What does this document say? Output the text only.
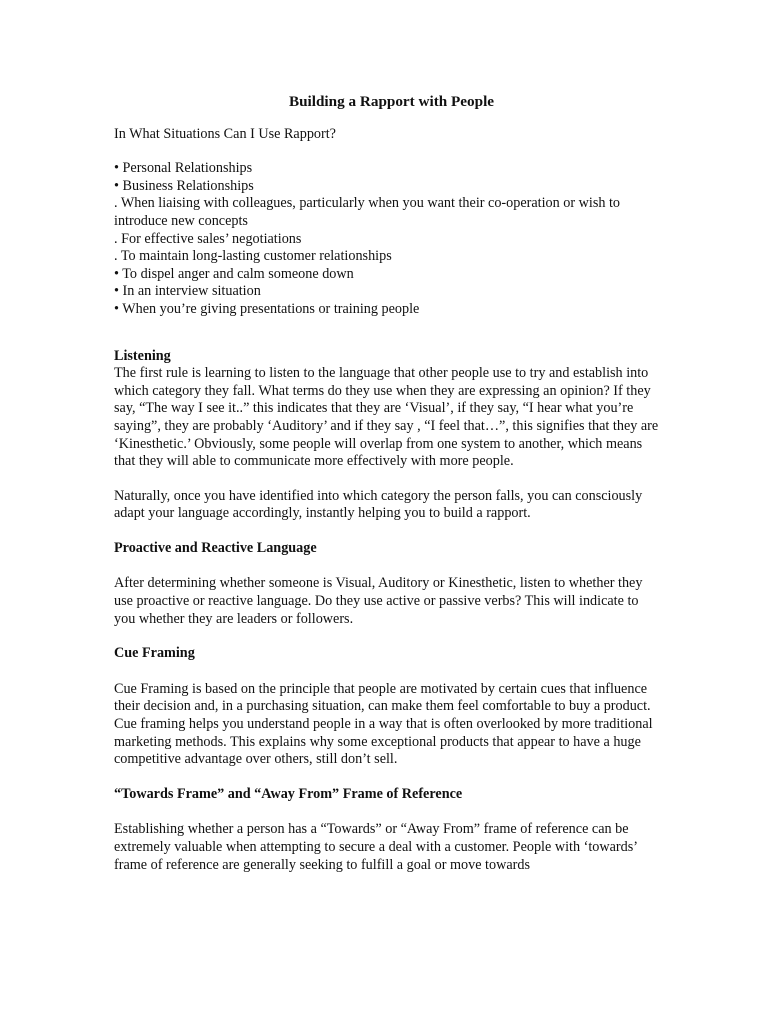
Building a Rapport with People

In What Situations Can I Use Rapport?

• Personal Relationships
• Business Relationships
. When liaising with colleagues, particularly when you want their co-operation or wish to introduce new concepts
. For effective sales’ negotiations
. To maintain long-lasting customer relationships
• To dispel anger and calm someone down
• In an interview situation
• When you’re giving presentations or training people

Listening

The first rule is learning to listen to the language that other people use to try and establish into which category they fall. What terms do they use when they are expressing an opinion? If they say, “The way I see it..” this indicates that they are ‘Visual’, if they say, “I hear what you’re saying”, they are probably ‘Auditory’ and if they say , “I feel that…”, this signifies that they are ‘Kinesthetic.’ Obviously, some people will overlap from one system to another, which means that they will able to communicate more effectively with more people.

Naturally, once you have identified into which category the person falls, you can consciously adapt your language accordingly, instantly helping you to build a rapport.

Proactive and Reactive Language

After determining whether someone is Visual, Auditory or Kinesthetic, listen to whether they use proactive or reactive language. Do they use active or passive verbs? This will indicate to you whether they are leaders or followers.

Cue Framing

Cue Framing is based on the principle that people are motivated by certain cues that influence their decision and, in a purchasing situation, can make them feel comfortable to buy a product. Cue framing helps you understand people in a way that is often overlooked by more traditional marketing methods. This explains why some exceptional products that appear to have a huge competitive advantage over others, still don’t sell.

“Towards Frame” and “Away From” Frame of Reference

Establishing whether a person has a “Towards” or “Away From” frame of reference can be extremely valuable when attempting to secure a deal with a customer. People with ‘towards’ frame of reference are generally seeking to fulfill a goal or move towards
